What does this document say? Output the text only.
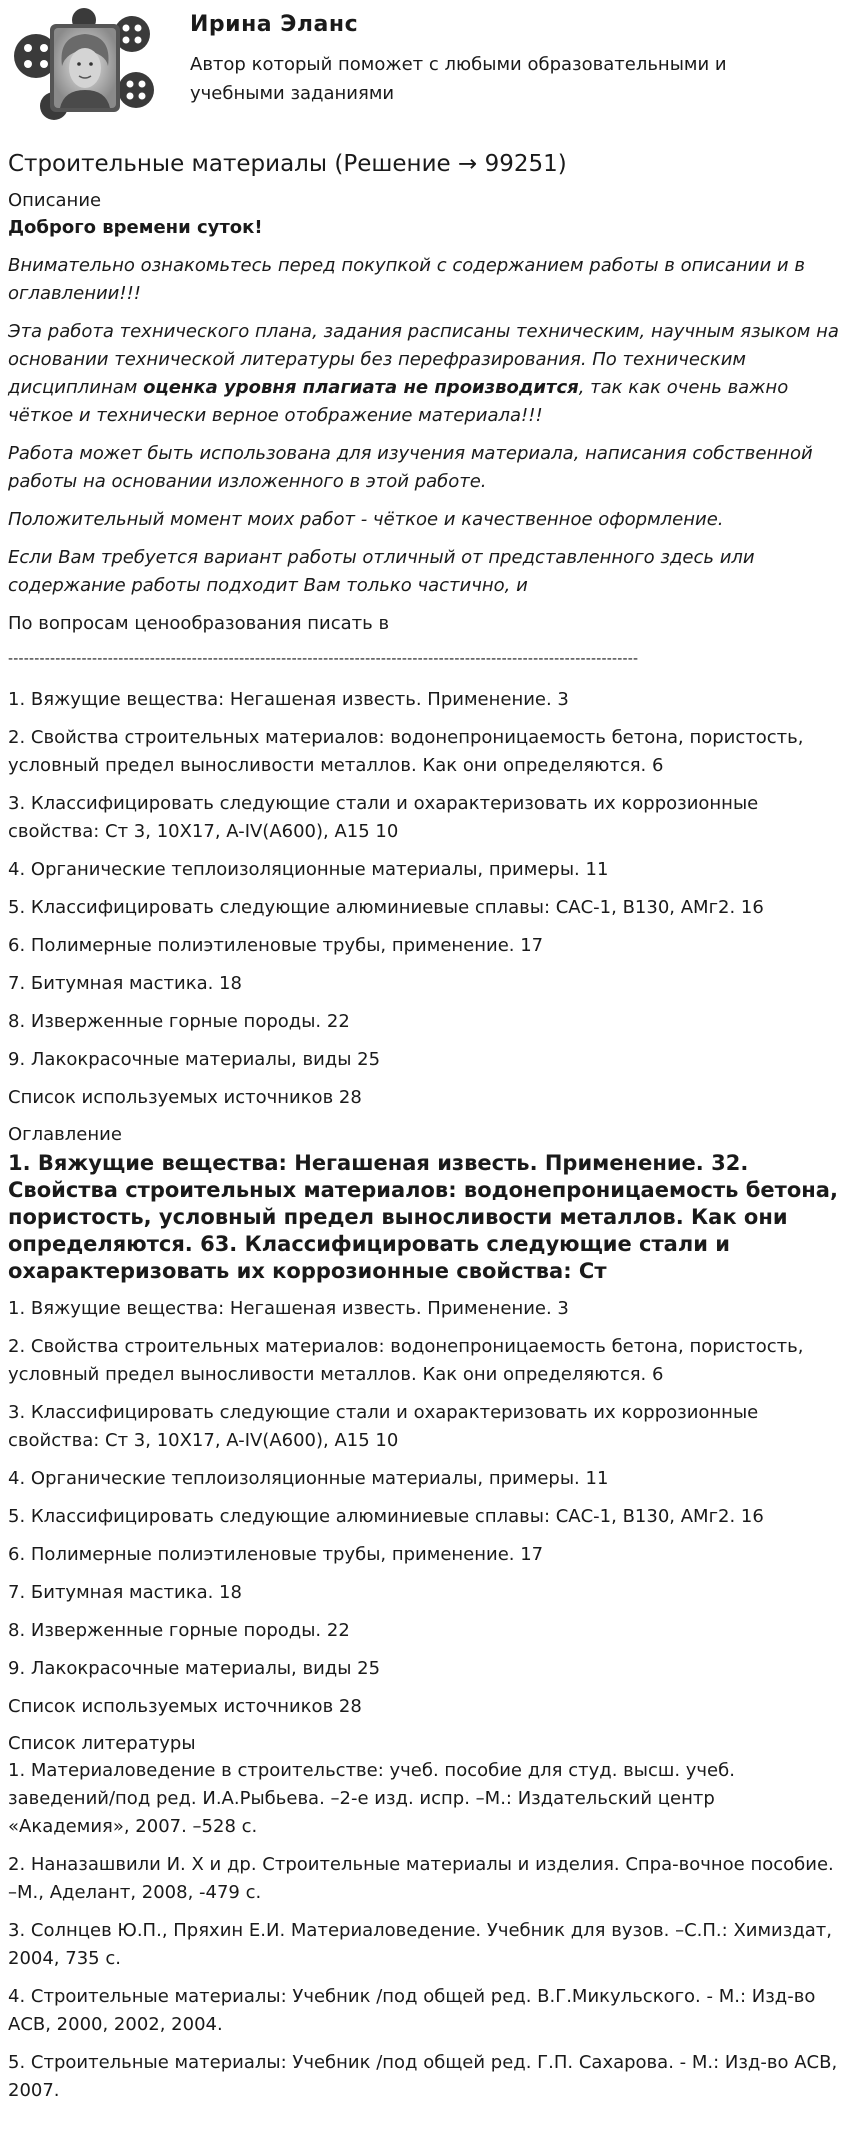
Ирина Эланс
Автор который поможет с любыми образовательными и учебными заданиями
Строительные материалы (Решение → 99251)
Описание
Доброго времени суток!
Внимательно ознакомьтесь перед покупкой с содержанием работы в описании и в оглавлении!!!
Эта работа технического плана, задания расписаны техническим, научным языком на основании технической литературы без перефразирования. По техническим дисциплинам оценка уровня плагиата не производится, так как очень важно чёткое и технически верное отображение материала!!!
Работа может быть использована для изучения материала, написания собственной работы на основании изложенного в этой работе.
Положительный момент моих работ - чёткое и качественное оформление.
Если Вам требуется вариант работы отличный от представленного здесь или содержание работы подходит Вам только частично, и
По вопросам ценообразования писать в
------------------------------------------------------------------------------------------------------------------------
1. Вяжущие вещества: Негашеная известь. Применение. 3
2. Свойства строительных материалов: водонепроницаемость бетона, пористость, условный предел выносливости металлов. Как они определяются. 6
3. Классифицировать следующие стали и охарактеризовать их коррозионные свойства: Ст 3, 10Х17, A-IV(A600), A15 10
4. Органические теплоизоляционные материалы, примеры. 11
5. Классифицировать следующие алюминиевые сплавы: САС-1, В130, АМг2. 16
6. Полимерные полиэтиленовые трубы, применение. 17
7. Битумная мастика. 18
8. Изверженные горные породы. 22
9. Лакокрасочные материалы, виды 25
Список используемых источников 28
Оглавление
1. Вяжущие вещества: Негашеная известь. Применение. 32. Свойства строительных материалов: водонепроницаемость бетона, пористость, условный предел выносливости металлов. Как они определяются. 63. Классифицировать следующие стали и охарактеризовать их коррозионные свойства: Ст
1. Вяжущие вещества: Негашеная известь. Применение. 3
2. Свойства строительных материалов: водонепроницаемость бетона, пористость, условный предел выносливости металлов. Как они определяются. 6
3. Классифицировать следующие стали и охарактеризовать их коррозионные свойства: Ст 3, 10Х17, A-IV(A600), A15 10
4. Органические теплоизоляционные материалы, примеры. 11
5. Классифицировать следующие алюминиевые сплавы: САС-1, В130, АМг2. 16
6. Полимерные полиэтиленовые трубы, применение. 17
7. Битумная мастика. 18
8. Изверженные горные породы. 22
9. Лакокрасочные материалы, виды 25
Список используемых источников 28
Список литературы
1. Материаловедение в строительстве: учеб. пособие для студ. высш. учеб. заведений/под ред. И.А.Рыбьева. –2-е изд. испр. –М.: Издательский центр «Академия», 2007. –528 с.
2. Наназашвили И. Х и др. Строительные материалы и изделия. Спра-вочное пособие. –М., Аделант, 2008, -479 с.
3. Солнцев Ю.П., Пряхин Е.И. Материаловедение. Учебник для вузов. –С.П.: Химиздат, 2004, 735 с.
4. Строительные материалы: Учебник /под общей ред. В.Г.Микульского. - М.: Изд-во АСВ, 2000, 2002, 2004.
5. Строительные материалы: Учебник /под общей ред. Г.П. Сахарова. - М.: Изд-во АСВ, 2007.
